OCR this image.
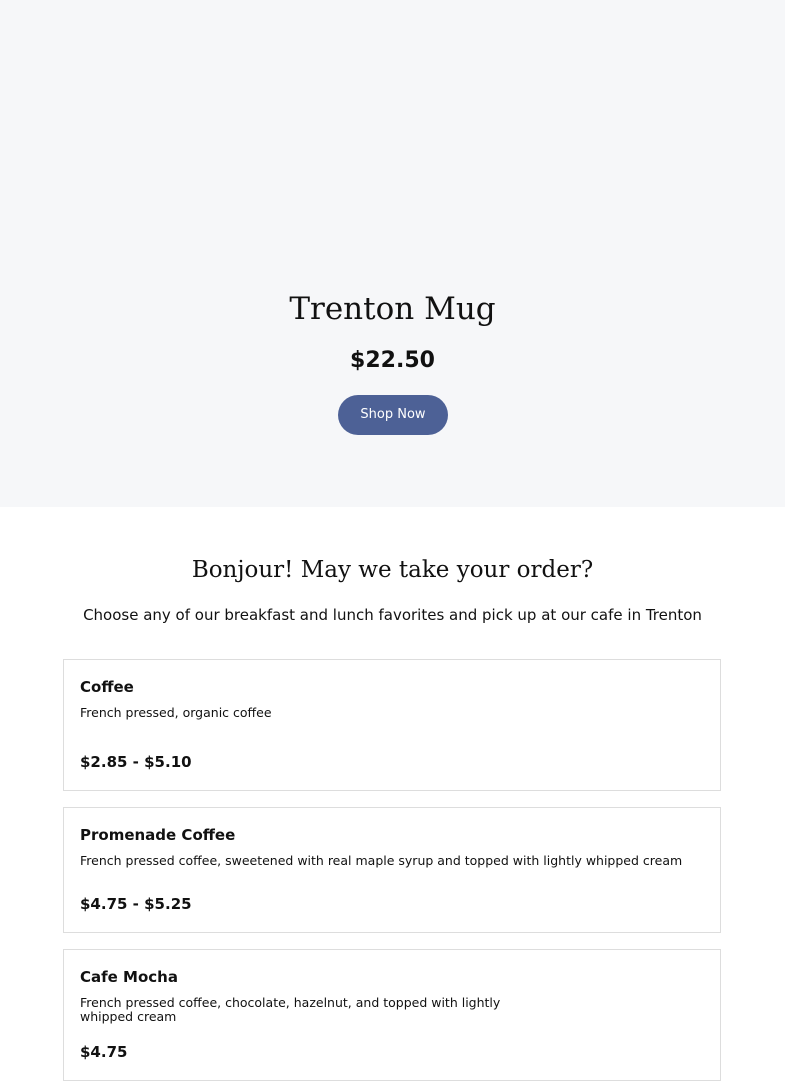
Trenton Mug
$22.50
Shop Now
Bonjour! May we take your order?
Choose any of our breakfast and lunch favorites and pick up at our cafe in Trenton
Coffee
French pressed, organic coffee
$2.85 - $5.10
Promenade Coffee
French pressed coffee, sweetened with real maple syrup and topped with lightly whipped cream
$4.75 - $5.25
Cafe Mocha
French pressed coffee, chocolate, hazelnut, and topped with lightly whipped cream
$4.75
